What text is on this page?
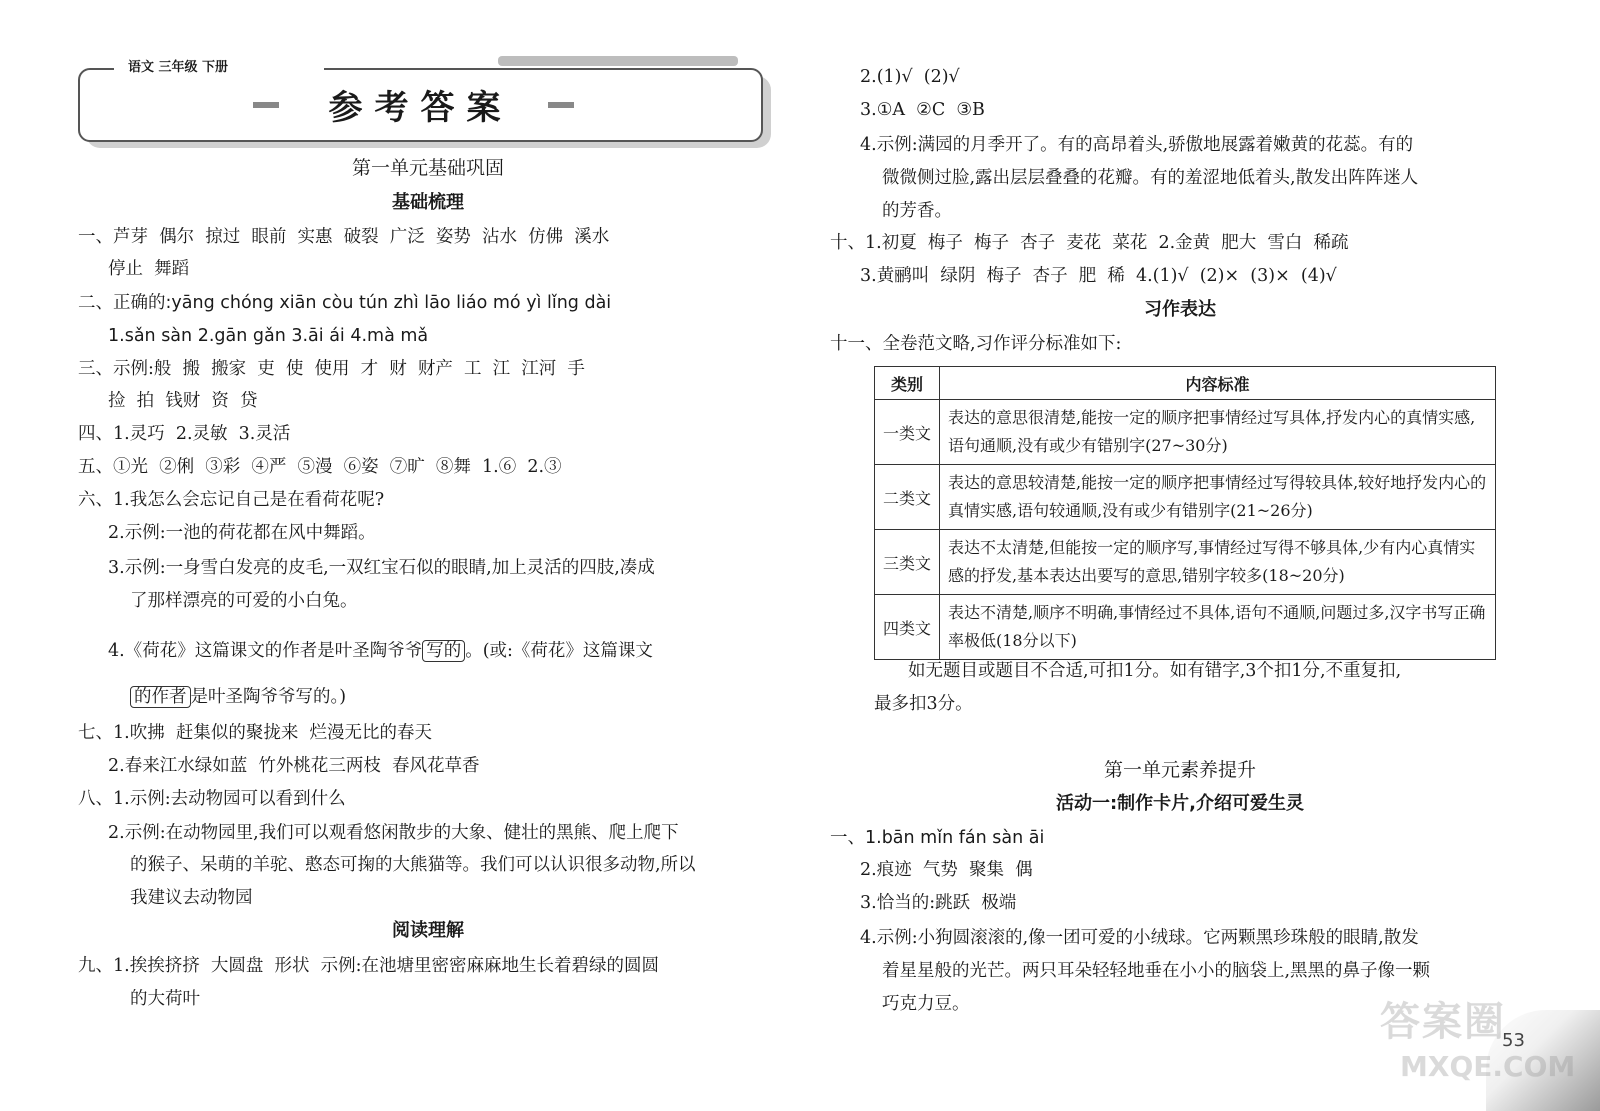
语文 三年级 下册
参考答案
第一单元基础巩固
基础梳理
一、芦芽  偶尔  掠过  眼前  实惠  破裂  广泛  姿势  沾水  仿佛  溪水
停止  舞蹈
二、正确的:yāng chóng xiān còu tún zhì lāo liáo mó yì lǐng dài
1.sǎn sàn 2.gān gǎn 3.āi ái 4.mà mǎ
三、示例:般  搬  搬家  吏  使  使用  才  财  财产  工  江  江河  手
捡  拍  钱财  资  贷
四、1.灵巧  2.灵敏  3.灵活
五、①光  ②俐  ③彩  ④严  ⑤漫  ⑥姿  ⑦旷  ⑧舞  1.⑥  2.③
六、1.我怎么会忘记自己是在看荷花呢?
2.示例:一池的荷花都在风中舞蹈。
3.示例:一身雪白发亮的皮毛,一双红宝石似的眼睛,加上灵活的四肢,凑成
了那样漂亮的可爱的小白兔。
4.《荷花》这篇课文的作者是叶圣陶爷爷 写的 。(或:《荷花》这篇课文
的作者 是叶圣陶爷爷写的。)
七、1.吹拂  赶集似的聚拢来  烂漫无比的春天
2.春来江水绿如蓝  竹外桃花三两枝  春风花草香
八、1.示例:去动物园可以看到什么
2.示例:在动物园里,我们可以观看悠闲散步的大象、健壮的黑熊、爬上爬下
的猴子、呆萌的羊驼、憨态可掬的大熊猫等。我们可以认识很多动物,所以
我建议去动物园
阅读理解
九、1.挨挨挤挤  大圆盘  形状  示例:在池塘里密密麻麻地生长着碧绿的圆圆
的大荷叶
2.(1)√  (2)√
3.①A  ②C  ③B
4.示例:满园的月季开了。有的高昂着头,骄傲地展露着嫩黄的花蕊。有的
微微侧过脸,露出层层叠叠的花瓣。有的羞涩地低着头,散发出阵阵迷人
的芳香。
十、1.初夏  梅子  梅子  杏子  麦花  菜花  2.金黄  肥大  雪白  稀疏
3.黄鹂叫  绿阴  梅子  杏子  肥  稀  4.(1)√  (2)×  (3)×  (4)√
习作表达
十一、全卷范文略,习作评分标准如下:
类别	内容标准
一类文	表达的意思很清楚,能按一定的顺序把事情经过写具体,抒发内心的真情实感,语句通顺,没有或少有错别字(27~30分)
二类文	表达的意思较清楚,能按一定的顺序把事情经过写得较具体,较好地抒发内心的真情实感,语句较通顺,没有或少有错别字(21~26分)
三类文	表达不太清楚,但能按一定的顺序写,事情经过写得不够具体,少有内心真情实感的抒发,基本表达出要写的意思,错别字较多(18~20分)
四类文	表达不清楚,顺序不明确,事情经过不具体,语句不通顺,问题过多,汉字书写正确率极低(18分以下)
如无题目或题目不合适,可扣1分。如有错字,3个扣1分,不重复扣,
最多扣3分。
第一单元素养提升
活动一:制作卡片,介绍可爱生灵
一、1.bān mǐn fán sàn āi
2.痕迹  气势  聚集  偶
3.恰当的:跳跃  极端
4.示例:小狗圆滚滚的,像一团可爱的小绒球。它两颗黑珍珠般的眼睛,散发
着星星般的光芒。两只耳朵轻轻地垂在小小的脑袋上,黑黑的鼻子像一颗
巧克力豆。
53
答案圈
MXQE.COM
